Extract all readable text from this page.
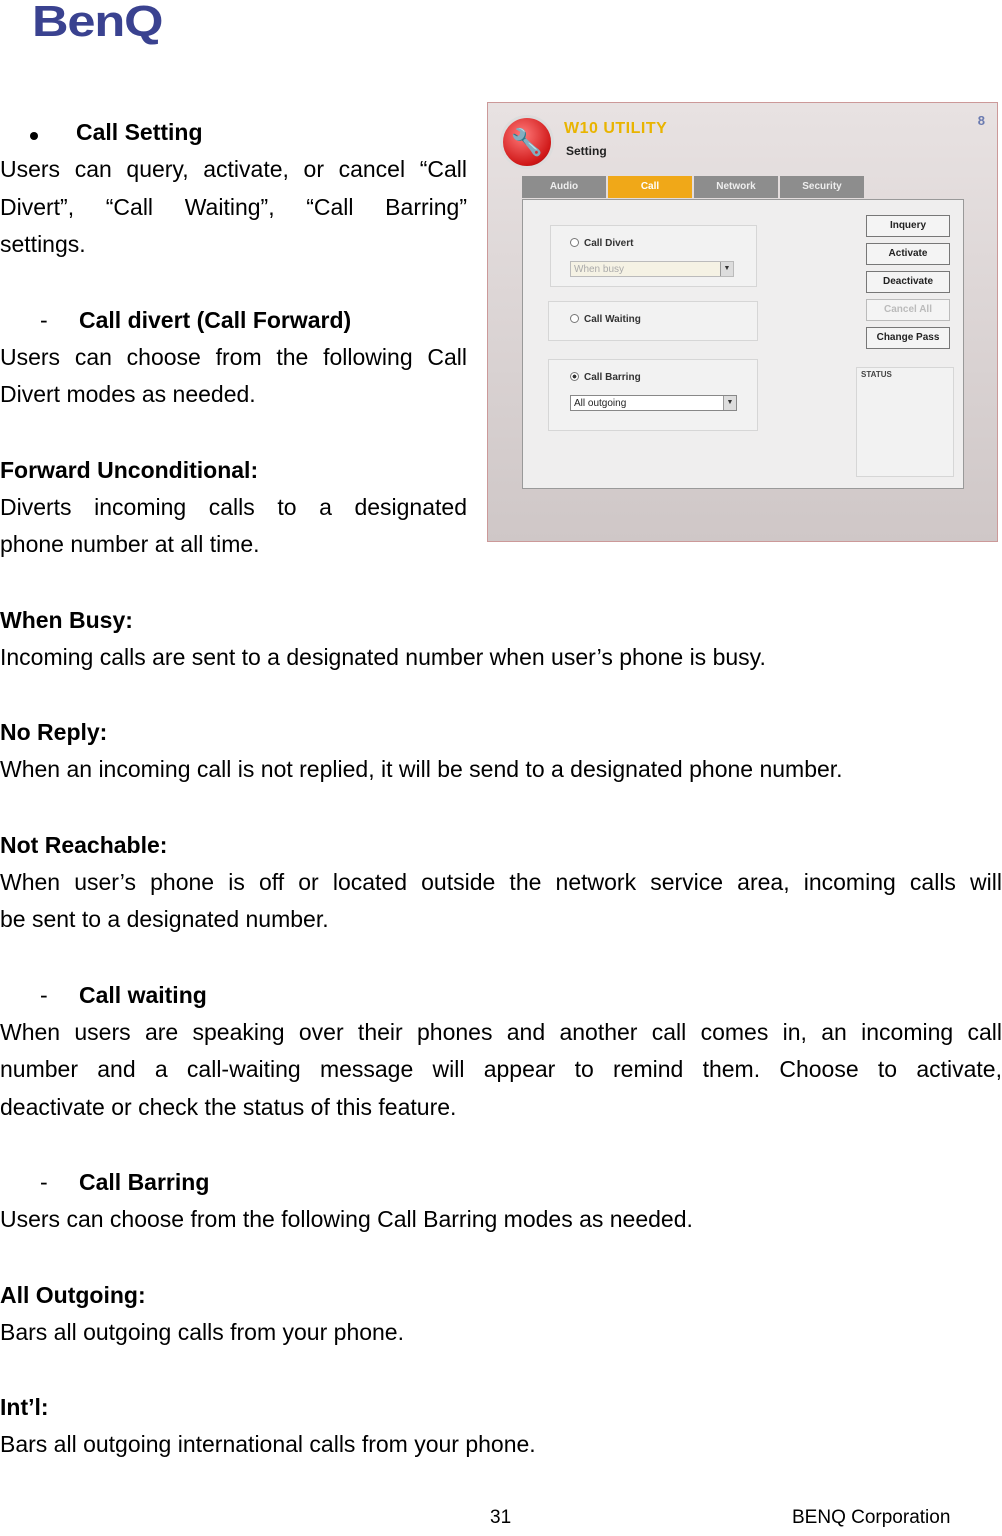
BenQ
Call Setting
Users can query, activate, or cancel “Call
Divert”, “Call Waiting”, “Call Barring”
settings.
- Call divert (Call Forward)
Users can choose from the following Call
Divert modes as needed.
Forward Unconditional:
Diverts incoming calls to a designated
phone number at all time.
When Busy:
Incoming calls are sent to a designated number when user’s phone is busy.
No Reply:
When an incoming call is not replied, it will be send to a designated phone number.
Not Reachable:
When user’s phone is off or located outside the network service area, incoming calls will
be sent to a designated number.
- Call waiting
When users are speaking over their phones and another call comes in, an incoming call
number and a call-waiting message will appear to remind them. Choose to activate,
deactivate or check the status of this feature.
- Call Barring
Users can choose from the following Call Barring modes as needed.
All Outgoing:
Bars all outgoing calls from your phone.
Int’l:
Bars all outgoing international calls from your phone.
31	BENQ Corporation
🔧	W10 UTILITY
Setting
8
Audio	Call	Network	Security
Call Divert
When busy	▼
Call Waiting
Call Barring
All outgoing	▼
Inquery
Activate
Deactivate
Cancel All
Change Pass
STATUS
